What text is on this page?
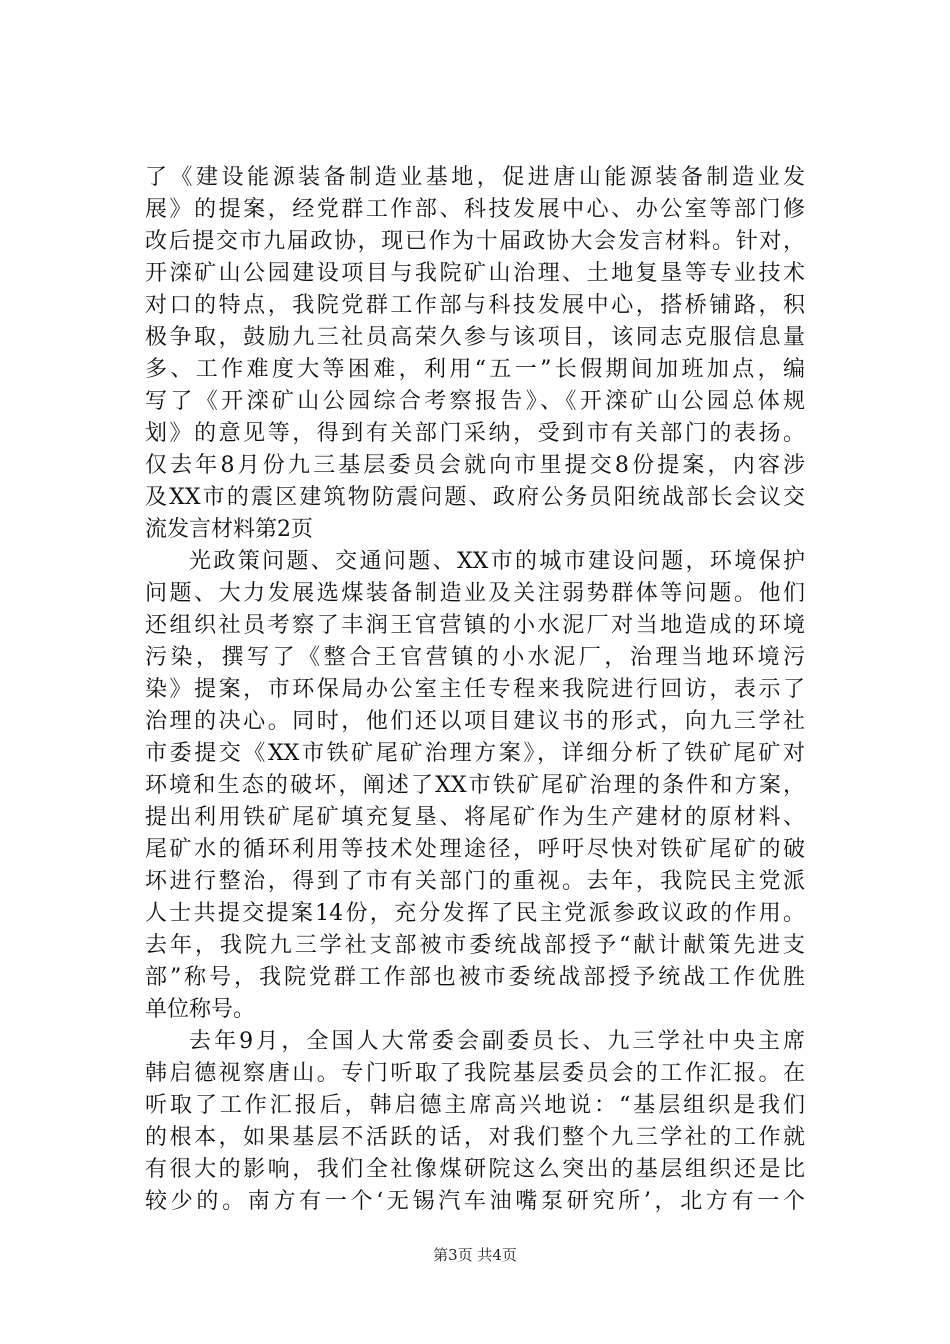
了《建设能源装备制造业基地，促进唐山能源装备制造业发
展》的提案，经党群工作部、科技发展中心、办公室等部门修
改后提交市九届政协，现已作为十届政协大会发言材料。针对，
开滦矿山公园建设项目与我院矿山治理、土地复垦等专业技术
对口的特点，我院党群工作部与科技发展中心，搭桥铺路，积
极争取，鼓励九三社员高荣久参与该项目，该同志克服信息量
多、工作难度大等困难，利用“五一”长假期间加班加点，编
写了《开滦矿山公园综合考察报告》、《开滦矿山公园总体规
划》的意见等，得到有关部门采纳，受到市有关部门的表扬。
仅去年8月份九三基层委员会就向市里提交8份提案，内容涉
及XX市的震区建筑物防震问题、政府公务员阳统战部长会议交
流发言材料第2页
光政策问题、交通问题、XX市的城市建设问题，环境保护
问题、大力发展选煤装备制造业及关注弱势群体等问题。他们
还组织社员考察了丰润王官营镇的小水泥厂对当地造成的环境
污染，撰写了《整合王官营镇的小水泥厂，治理当地环境污
染》提案，市环保局办公室主任专程来我院进行回访，表示了
治理的决心。同时，他们还以项目建议书的形式，向九三学社
市委提交《XX市铁矿尾矿治理方案》，详细分析了铁矿尾矿对
环境和生态的破坏，阐述了XX市铁矿尾矿治理的条件和方案，
提出利用铁矿尾矿填充复垦、将尾矿作为生产建材的原材料、
尾矿水的循环利用等技术处理途径，呼吁尽快对铁矿尾矿的破
坏进行整治，得到了市有关部门的重视。去年，我院民主党派
人士共提交提案14份，充分发挥了民主党派参政议政的作用。
去年，我院九三学社支部被市委统战部授予“献计献策先进支
部”称号，我院党群工作部也被市委统战部授予统战工作优胜
单位称号。
去年9月，全国人大常委会副委员长、九三学社中央主席
韩启德视察唐山。专门听取了我院基层委员会的工作汇报。在
听取了工作汇报后，韩启德主席高兴地说：“基层组织是我们
的根本，如果基层不活跃的话，对我们整个九三学社的工作就
有很大的影响，我们全社像煤研院这么突出的基层组织还是比
较少的。南方有一个‘无锡汽车油嘴泵研究所’，北方有一个
第3页 共4页
